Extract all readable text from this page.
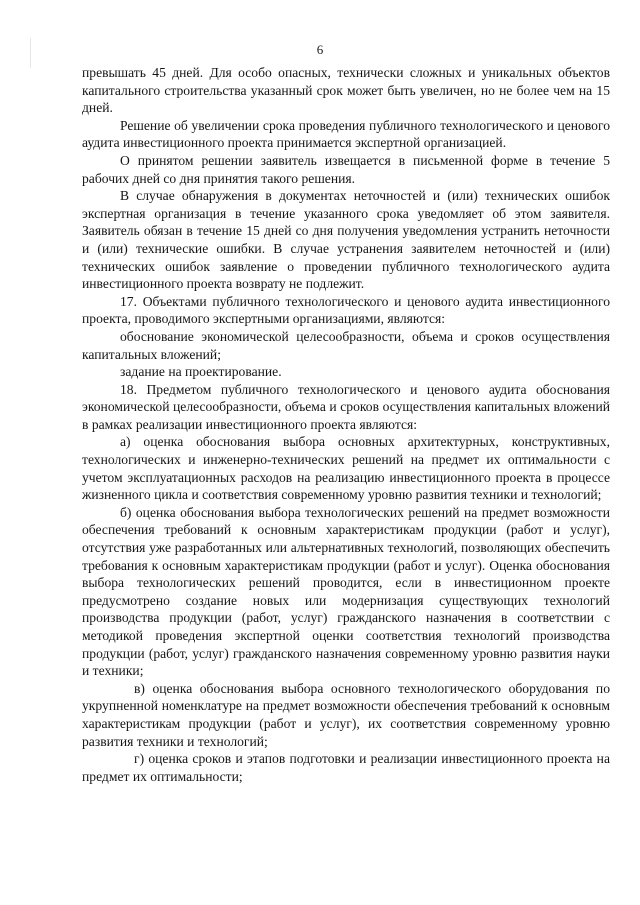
6

превышать 45 дней. Для особо опасных, технически сложных и уникальных объектов капитального строительства указанный срок может быть увеличен, но не более чем на 15 дней.

Решение об увеличении срока проведения публичного технологического и ценового аудита инвестиционного проекта принимается экспертной организацией.

О принятом решении заявитель извещается в письменной форме в течение 5 рабочих дней со дня принятия такого решения.

В случае обнаружения в документах неточностей и (или) технических ошибок экспертная организация в течение указанного срока уведомляет об этом заявителя. Заявитель обязан в течение 15 дней со дня получения уведомления устранить неточности и (или) технические ошибки. В случае устранения заявителем неточностей и (или) технических ошибок заявление о проведении публичного технологического аудита инвестиционного проекта возврату не подлежит.

17. Объектами публичного технологического и ценового аудита инвестиционного проекта, проводимого экспертными организациями, являются:

обоснование экономической целесообразности, объема и сроков осуществления капитальных вложений;

задание на проектирование.

18. Предметом публичного технологического и ценового аудита обоснования экономической целесообразности, объема и сроков осуществления капитальных вложений в рамках реализации инвестиционного проекта являются:

а) оценка обоснования выбора основных архитектурных, конструктивных, технологических и инженерно-технических решений на предмет их оптимальности с учетом эксплуатационных расходов на реализацию инвестиционного проекта в процессе жизненного цикла и соответствия современному уровню развития техники и технологий;

б) оценка обоснования выбора технологических решений на предмет возможности обеспечения требований к основным характеристикам продукции (работ и услуг), отсутствия уже разработанных или альтернативных технологий, позволяющих обеспечить требования к основным характеристикам продукции (работ и услуг). Оценка обоснования выбора технологических решений проводится, если в инвестиционном проекте предусмотрено создание новых или модернизация существующих технологий производства продукции (работ, услуг) гражданского назначения в соответствии с методикой проведения экспертной оценки соответствия технологий производства продукции (работ, услуг) гражданского назначения современному уровню развития науки и техники;

в) оценка обоснования выбора основного технологического оборудования по укрупненной номенклатуре на предмет возможности обеспечения требований к основным характеристикам продукции (работ и услуг), их соответствия современному уровню развития техники и технологий;

г) оценка сроков и этапов подготовки и реализации инвестиционного проекта на предмет их оптимальности;
